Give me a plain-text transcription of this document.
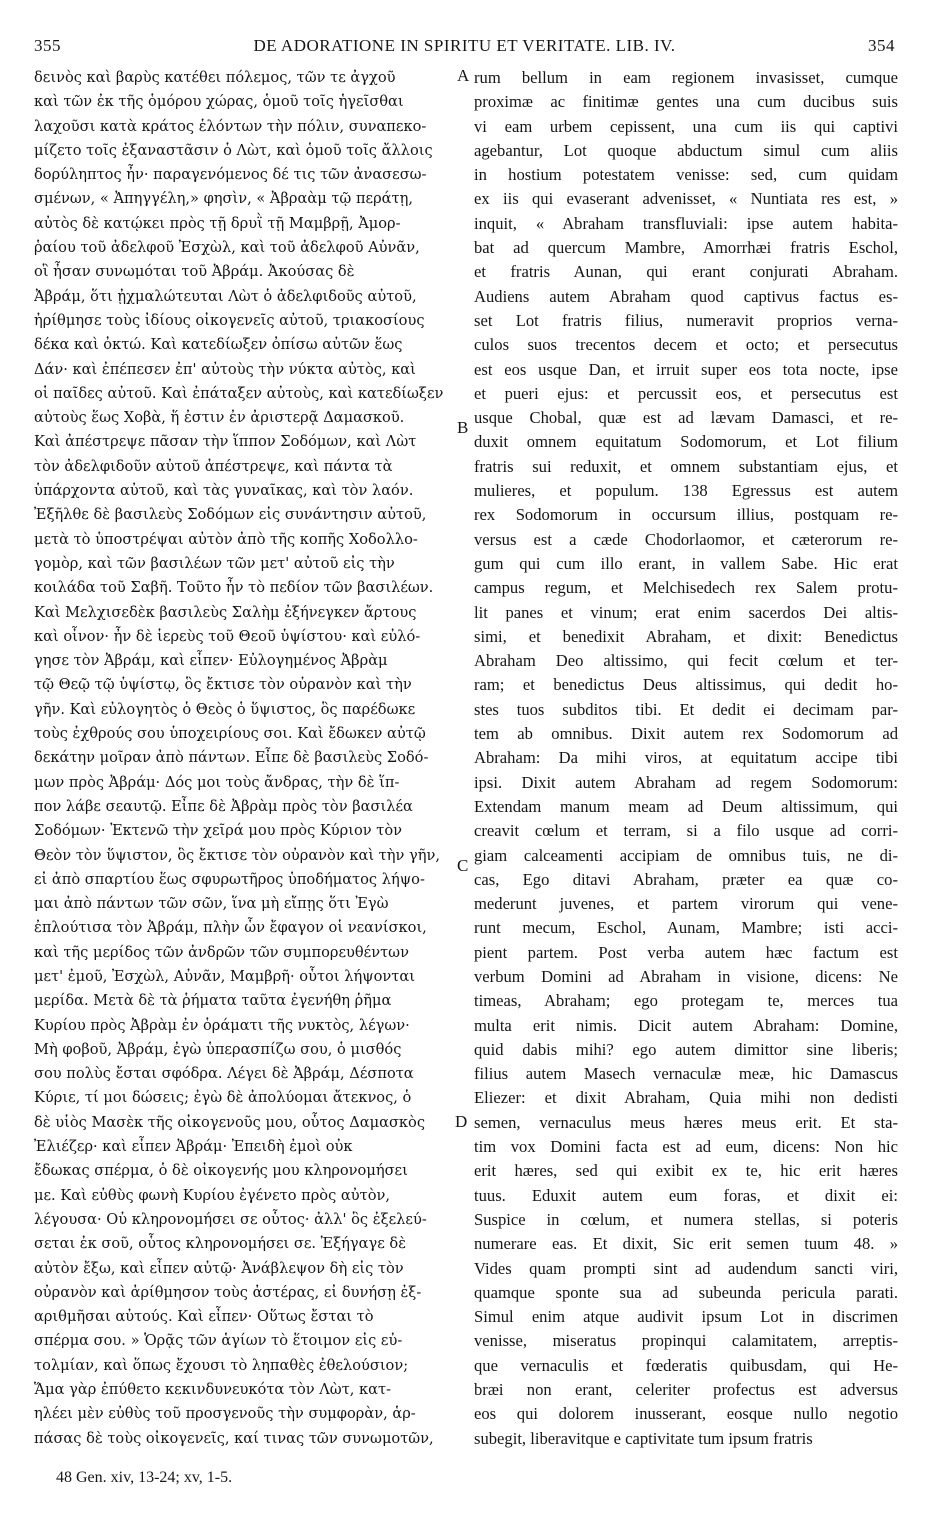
355	DE ADORATIONE IN SPIRITU ET VERITATE. LIB. IV.	354
δεινὸς καὶ βαρὺς κατέθει πόλεμος, τῶν τε ἀγχοῦ
καὶ τῶν ἐκ τῆς ὁμόρου χώρας, ὁμοῦ τοῖς ἡγεῖσθαι
λαχοῦσι κατὰ κράτος ἑλόντων τὴν πόλιν, συναπεκο-
μίζετο τοῖς ἐξαναστᾶσιν ὁ Λὼτ, καὶ ὁμοῦ τοῖς ἄλλοις
δορύληπτος ἦν· παραγενόμενος δέ τις τῶν ἀνασεσω-
σμένων, « Ἀπηγγέλη,» φησὶν, « Ἀβραὰμ τῷ περάτῃ,
αὐτὸς δὲ κατῴκει πρὸς τῇ δρυῒ τῇ Μαμβρῇ, Ἀμορ-
ῥαίου τοῦ ἀδελφοῦ Ἐσχὼλ, καὶ τοῦ ἀδελφοῦ Αὐνᾶν,
οἳ ἦσαν συνωμόται τοῦ Ἀβράμ. Ἀκούσας δὲ
Ἀβράμ, ὅτι ᾐχμαλώτευται Λὼτ ὁ ἀδελφιδοῦς αὐτοῦ,
ἠρίθμησε τοὺς ἰδίους οἰκογενεῖς αὐτοῦ, τριακοσίους
δέκα καὶ ὀκτώ. Καὶ κατεδίωξεν ὀπίσω αὐτῶν ἕως
Δάν· καὶ ἐπέπεσεν ἐπ' αὐτοὺς τὴν νύκτα αὐτὸς, καὶ
οἱ παῖδες αὐτοῦ. Καὶ ἐπάταξεν αὐτοὺς, καὶ κατεδίωξεν
αὐτοὺς ἕως Χοβὰ, ἥ ἐστιν ἐν ἀριστερᾷ Δαμασκοῦ.
Καὶ ἀπέστρεψε πᾶσαν τὴν ἵππον Σοδόμων, καὶ Λὼτ
τὸν ἀδελφιδοῦν αὐτοῦ ἀπέστρεψε, καὶ πάντα τὰ
ὑπάρχοντα αὐτοῦ, καὶ τὰς γυναῖκας, καὶ τὸν λαόν.
Ἐξῆλθε δὲ βασιλεὺς Σοδόμων εἰς συνάντησιν αὐτοῦ,
μετὰ τὸ ὑποστρέψαι αὐτὸν ἀπὸ τῆς κοπῆς Χοδολλο-
γομὸρ, καὶ τῶν βασιλέων τῶν μετ' αὐτοῦ εἰς τὴν
κοιλάδα τοῦ Σαβῆ. Τοῦτο ἦν τὸ πεδίον τῶν βασιλέων.
Καὶ Μελχισεδὲκ βασιλεὺς Σαλὴμ ἐξήνεγκεν ἄρτους
καὶ οἶνον· ἦν δὲ ἱερεὺς τοῦ Θεοῦ ὑψίστου· καὶ εὐλό-
γησε τὸν Ἀβράμ, καὶ εἶπεν· Εὐλογημένος Ἀβρὰμ
τῷ Θεῷ τῷ ὑψίστῳ, ὃς ἔκτισε τὸν οὐρανὸν καὶ τὴν
γῆν. Καὶ εὐλογητὸς ὁ Θεὸς ὁ ὕψιστος, ὃς παρέδωκε
τοὺς ἐχθρούς σου ὑποχειρίους σοι. Καὶ ἔδωκεν αὐτῷ
δεκάτην μοῖραν ἀπὸ πάντων. Εἶπε δὲ βασιλεὺς Σοδό-
μων πρὸς Ἀβράμ· Δός μοι τοὺς ἄνδρας, τὴν δὲ ἵπ-
πον λάβε σεαυτῷ. Εἶπε δὲ Ἀβρὰμ πρὸς τὸν βασιλέα
Σοδόμων· Ἐκτενῶ τὴν χεῖρά μου πρὸς Κύριον τὸν
Θεὸν τὸν ὕψιστον, ὃς ἔκτισε τὸν οὐρανὸν καὶ τὴν γῆν,
εἰ ἀπὸ σπαρτίου ἕως σφυρωτῆρος ὑποδήματος λήψο-
μαι ἀπὸ πάντων τῶν σῶν, ἵνα μὴ εἴπῃς ὅτι Ἐγὼ
ἐπλούτισα τὸν Ἀβράμ, πλὴν ὧν ἔφαγον οἱ νεανίσκοι,
καὶ τῆς μερίδος τῶν ἀνδρῶν τῶν συμπορευθέντων
μετ' ἐμοῦ, Ἐσχὼλ, Αὐνᾶν, Μαμβρῆ· οὗτοι λήψονται
μερίδα. Μετὰ δὲ τὰ ῥήματα ταῦτα ἐγενήθη ῥῆμα
Κυρίου πρὸς Ἀβρὰμ ἐν ὁράματι τῆς νυκτὸς, λέγων·
Μὴ φοβοῦ, Ἀβράμ, ἐγὼ ὑπερασπίζω σου, ὁ μισθός
σου πολὺς ἔσται σφόδρα. Λέγει δὲ Ἀβράμ, Δέσποτα
Κύριε, τί μοι δώσεις; ἐγὼ δὲ ἀπολύομαι ἄτεκνος, ὁ
δὲ υἱὸς Μασὲκ τῆς οἰκογενοῦς μου, οὗτος Δαμασκὸς
Ἐλιέζερ· καὶ εἶπεν Ἀβράμ· Ἐπειδὴ ἐμοὶ οὐκ
ἔδωκας σπέρμα, ὁ δὲ οἰκογενής μου κληρονομήσει
με. Καὶ εὐθὺς φωνὴ Κυρίου ἐγένετο πρὸς αὐτὸν,
λέγουσα· Οὐ κληρονομήσει σε οὗτος· ἀλλ' ὃς ἐξελεύ-
σεται ἐκ σοῦ, οὗτος κληρονομήσει σε. Ἐξήγαγε δὲ
αὐτὸν ἔξω, καὶ εἶπεν αὐτῷ· Ἀνάβλεψον δὴ εἰς τὸν
οὐρανὸν καὶ ἀρίθμησον τοὺς ἀστέρας, εἰ δυνήσῃ ἐξ-
αριθμῆσαι αὐτούς. Καὶ εἶπεν· Οὕτως ἔσται τὸ
σπέρμα σου. » Ὁρᾷς τῶν ἁγίων τὸ ἕτοιμον εἰς εὐ-
τολμίαν, καὶ ὅπως ἔχουσι τὸ ληπαθὲς ἐθελούσιον;
Ἅμα γὰρ ἐπύθετο κεκινδυνευκότα τὸν Λὼτ, κατ-
ηλέει μὲν εὐθὺς τοῦ προσγενοῦς τὴν συμφορὰν, ἁρ-
πάσας δὲ τοὺς οἰκογενεῖς, καί τινας τῶν συνωμοτῶν,
rum bellum in eam regionem invasisset, cumque
proximæ ac finitimæ gentes una cum ducibus suis
vi eam urbem cepissent, una cum iis qui captivi
agebantur, Lot quoque abductum simul cum aliis
in hostium potestatem venisse: sed, cum quidam
ex iis qui evaserant advenisset, « Nuntiata res est, »
inquit, « Abraham transfluviali: ipse autem habita-
bat ad quercum Mambre, Amorrhæi fratris Eschol,
et fratris Aunan, qui erant conjurati Abraham.
Audiens autem Abraham quod captivus factus es-
set Lot fratris filius, numeravit proprios verna-
culos suos trecentos decem et octo; et persecutus
est eos usque Dan, et irruit super eos tota nocte, ipse
et pueri ejus: et percussit eos, et persecutus est
usque Chobal, quæ est ad lævam Damasci, et re-
duxit omnem equitatum Sodomorum, et Lot filium
fratris sui reduxit, et omnem substantiam ejus, et
mulieres, et populum. 138 Egressus est autem
rex Sodomorum in occursum illius, postquam re-
versus est a cæde Chodorlaomor, et cæterorum re-
gum qui cum illo erant, in vallem Sabe. Hic erat
campus regum, et Melchisedech rex Salem protu-
lit panes et vinum; erat enim sacerdos Dei altis-
simi, et benedixit Abraham, et dixit: Benedictus
Abraham Deo altissimo, qui fecit cœlum et ter-
ram; et benedictus Deus altissimus, qui dedit ho-
stes tuos subditos tibi. Et dedit ei decimam par-
tem ab omnibus. Dixit autem rex Sodomorum ad
Abraham: Da mihi viros, at equitatum accipe tibi
ipsi. Dixit autem Abraham ad regem Sodomorum:
Extendam manum meam ad Deum altissimum, qui
creavit cœlum et terram, si a filo usque ad corri-
giam calceamenti accipiam de omnibus tuis, ne di-
cas, Ego ditavi Abraham, præter ea quæ co-
mederunt juvenes, et partem virorum qui vene-
runt mecum, Eschol, Aunam, Mambre; isti acci-
pient partem. Post verba autem hæc factum est
verbum Domini ad Abraham in visione, dicens: Ne
timeas, Abraham; ego protegam te, merces tua
multa erit nimis. Dicit autem Abraham: Domine,
quid dabis mihi? ego autem dimittor sine liberis;
filius autem Masech vernaculæ meæ, hic Damascus
Eliezer: et dixit Abraham, Quia mihi non dedisti
semen, vernaculus meus hæres meus erit. Et sta-
tim vox Domini facta est ad eum, dicens: Non hic
erit hæres, sed qui exibit ex te, hic erit hæres
tuus. Eduxit autem eum foras, et dixit ei:
Suspice in cœlum, et numera stellas, si poteris
numerare eas. Et dixit, Sic erit semen tuum 48. »
Vides quam prompti sint ad audendum sancti viri,
quamque sponte sua ad subeunda pericula parati.
Simul enim atque audivit ipsum Lot in discrimen
venisse, miseratus propinqui calamitatem, arreptis-
que vernaculis et fœderatis quibusdam, qui He-
bræi non erant, celeriter profectus est adversus
eos qui dolorem inusserant, eosque nullo negotio
subegit, liberavitque e captivitate tum ipsum fratris
A
B
C
D
48 Gen. xiv, 13-24; xv, 1-5.
